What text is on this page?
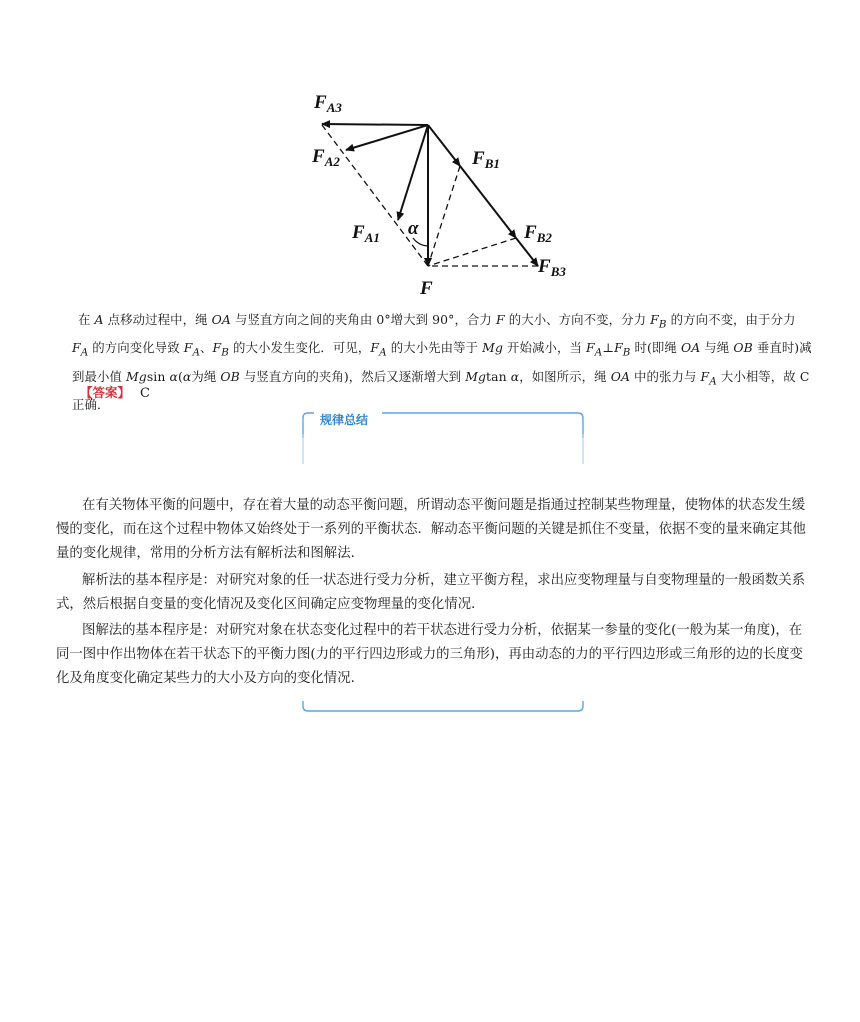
$F_{A3}$
$F_{A2}$
$F_{A1}$
$F_{B1}$
$F_{B2}$
$F_{B3}$
F
α
在 A 点移动过程中，绳 OA 与竖直方向之间的夹角由 0°增大到 90°，合力 F 的大小、方向不变，分力 $F_B$ 的方向不变，由于分力 $F_A$ 的方向变化导致 $F_A$、$F_B$ 的大小发生变化．可见，$F_A$ 的大小先由等于 Mg 开始减小，当 $F_A\perp F_B$ 时(即绳 OA 与绳 OB 垂直时)减到最小值 Mgsin α(α为绳 OB 与竖直方向的夹角)，然后又逐渐增大到 Mgtan α，如图所示，绳 OA 中的张力与 $F_A$ 大小相等，故 C 正确．
【答案】 C
规律总结
在有关物体平衡的问题中，存在着大量的动态平衡问题，所谓动态平衡问题是指通过控制某些物理量，使物体的状态发生缓慢的变化，而在这个过程中物体又始终处于一系列的平衡状态．解动态平衡问题的关键是抓住不变量，依据不变的量来确定其他量的变化规律，常用的分析方法有解析法和图解法．
解析法的基本程序是：对研究对象的任一状态进行受力分析，建立平衡方程，求出应变物理量与自变物理量的一般函数关系式，然后根据自变量的变化情况及变化区间确定应变物理量的变化情况．
图解法的基本程序是：对研究对象在状态变化过程中的若干状态进行受力分析，依据某一参量的变化(一般为某一角度)，在同一图中作出物体在若干状态下的平衡力图(力的平行四边形或力的三角形)，再由动态的力的平行四边形或三角形的边的长度变化及角度变化确定某些力的大小及方向的变化情况．
